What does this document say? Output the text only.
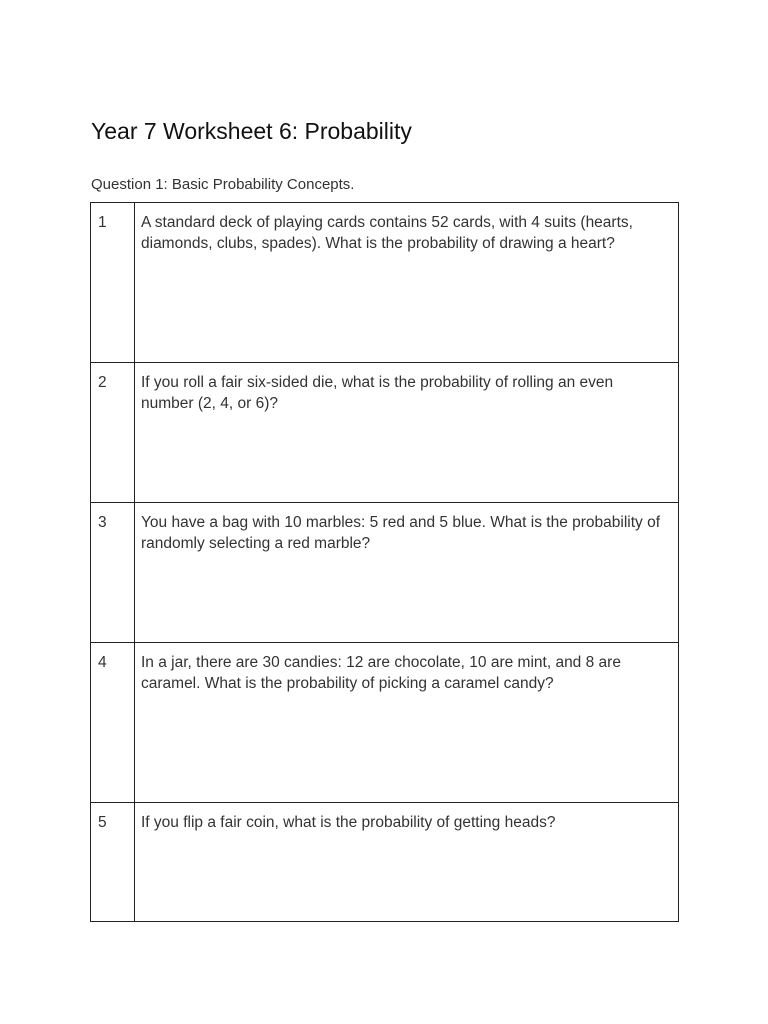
Year 7 Worksheet 6: Probability

Question 1: Basic Probability Concepts.

1	A standard deck of playing cards contains 52 cards, with 4 suits (hearts, diamonds, clubs, spades). What is the probability of drawing a heart?

2	If you roll a fair six-sided die, what is the probability of rolling an even number (2, 4, or 6)?

3	You have a bag with 10 marbles: 5 red and 5 blue. What is the probability of randomly selecting a red marble?

4	In a jar, there are 30 candies: 12 are chocolate, 10 are mint, and 8 are caramel. What is the probability of picking a caramel candy?

5	If you flip a fair coin, what is the probability of getting heads?
